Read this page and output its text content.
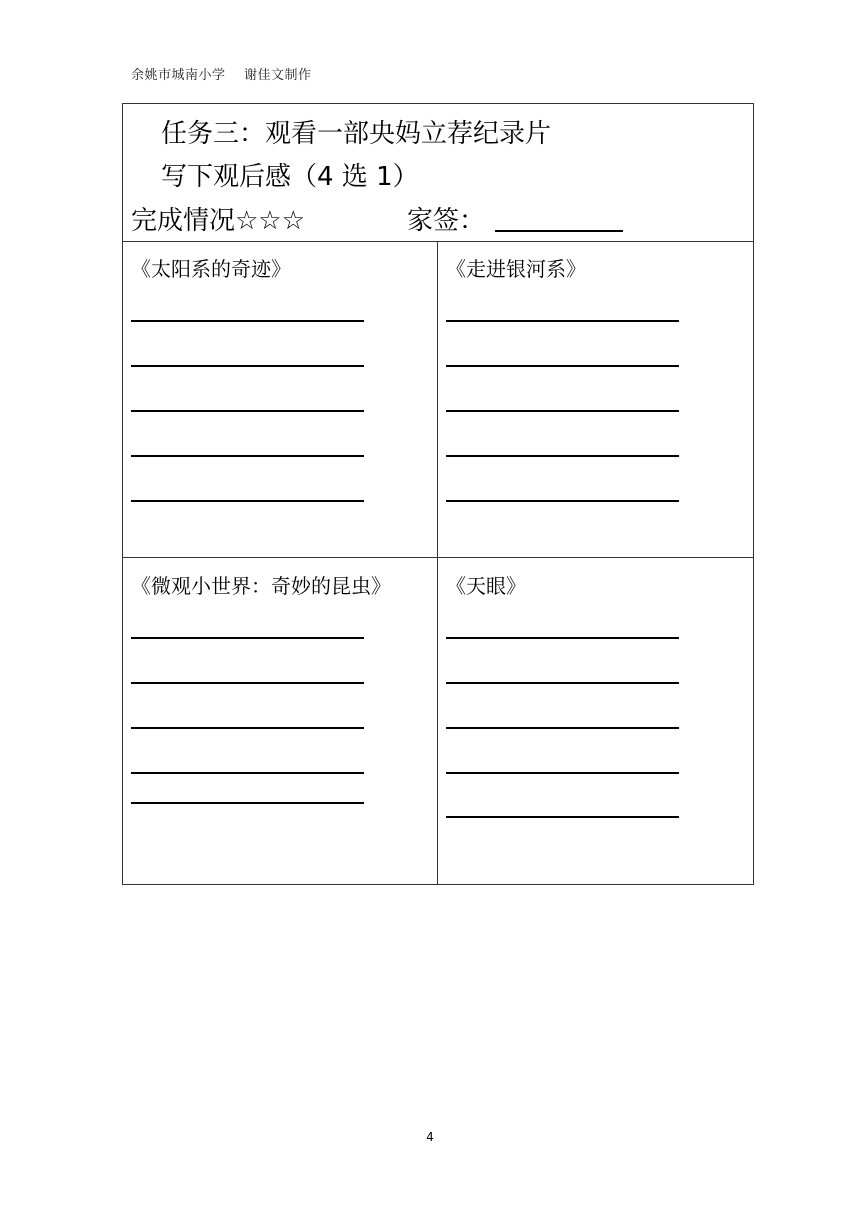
余姚市城南小学 谢佳文制作
任务三：观看一部央妈立荐纪录片
写下观后感（4 选 1）
完成情况☆☆☆	家签：
《太阳系的奇迹》	《走进银河系》
《微观小世界：奇妙的昆虫》	《天眼》
4
